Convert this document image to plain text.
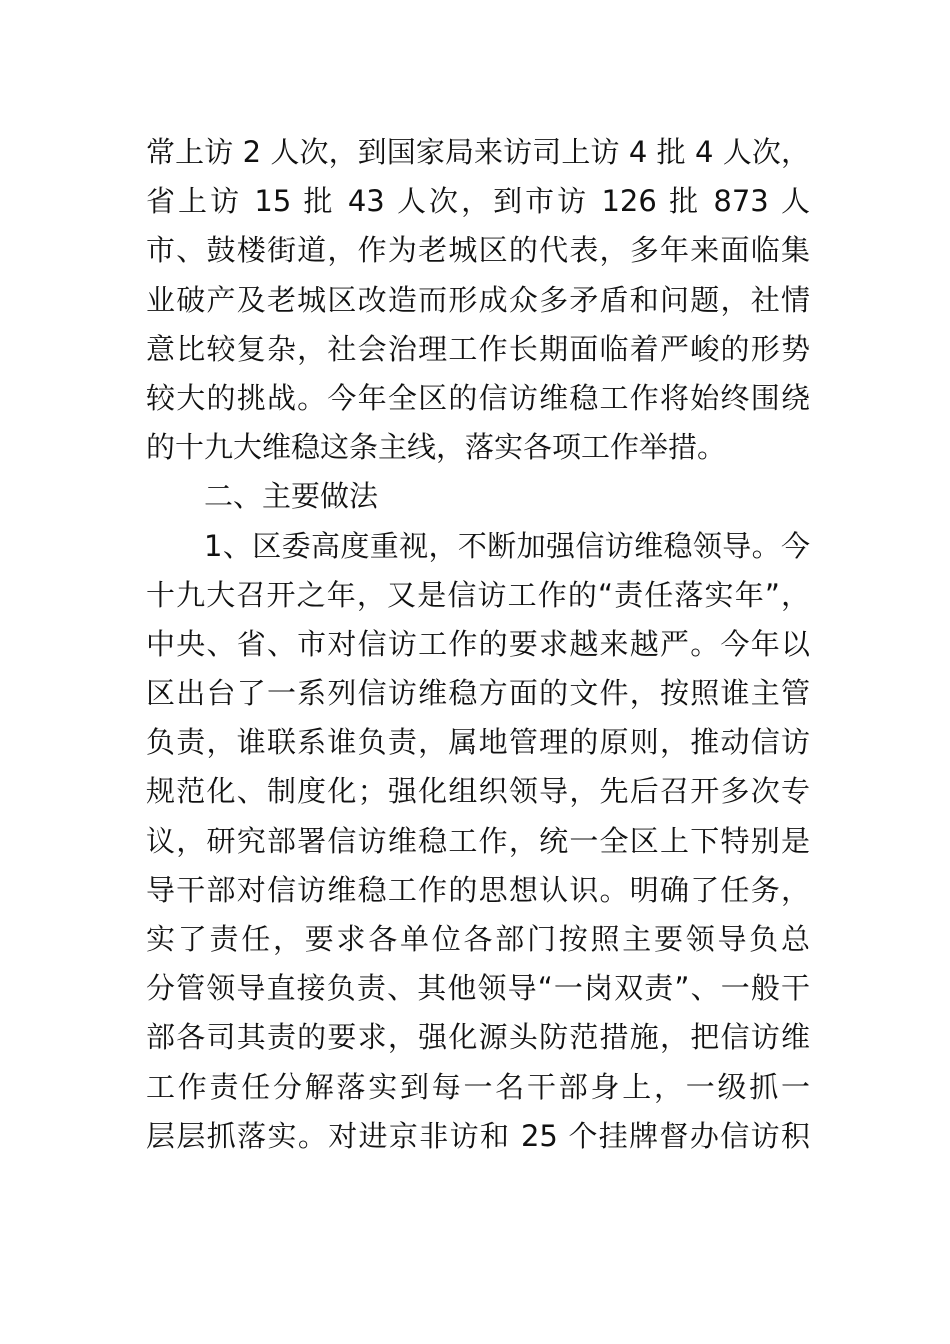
常上访 2 人次，到国家局来访司上访 4 批 4 人次，
省上访 15 批 43 人次，到市访 126 批 873 人
市、鼓楼街道，作为老城区的代表，多年来面临集
业破产及老城区改造而形成众多矛盾和问题，社情
意比较复杂，社会治理工作长期面临着严峻的形势
较大的挑战。今年全区的信访维稳工作将始终围绕
的十九大维稳这条主线，落实各项工作举措。
二、主要做法
1、区委高度重视，不断加强信访维稳领导。今
十九大召开之年，又是信访工作的“责任落实年”，
中央、省、市对信访工作的要求越来越严。今年以
区出台了一系列信访维稳方面的文件，按照谁主管
负责，谁联系谁负责，属地管理的原则，推动信访
规范化、制度化；强化组织领导，先后召开多次专
议，研究部署信访维稳工作，统一全区上下特别是
导干部对信访维稳工作的思想认识。明确了任务，
实了责任，要求各单位各部门按照主要领导负总
分管领导直接负责、其他领导“一岗双责”、一般干
部各司其责的要求，强化源头防范措施，把信访维
工作责任分解落实到每一名干部身上，一级抓一
层层抓落实。对进京非访和 25 个挂牌督办信访积
